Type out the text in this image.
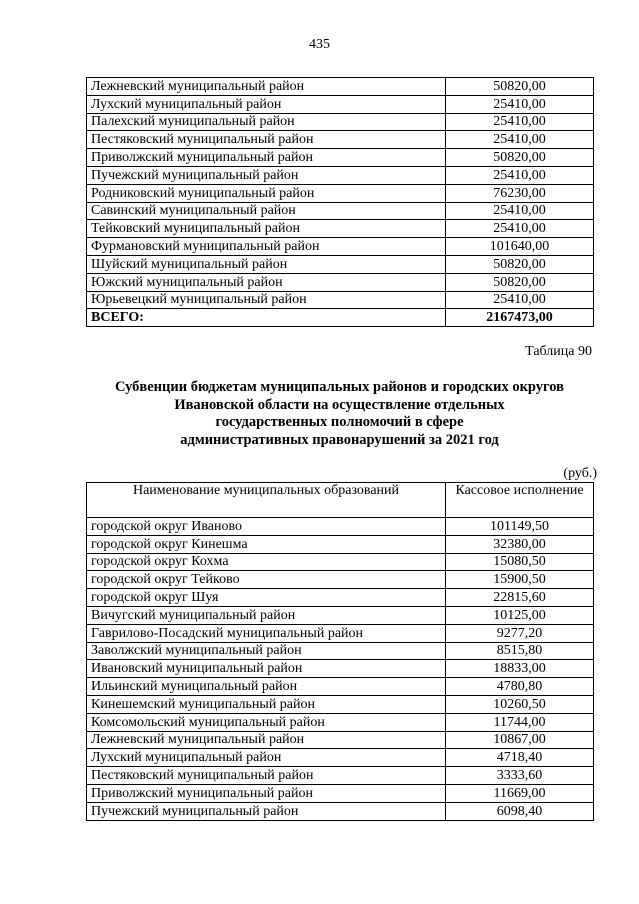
435
Лежневский муниципальный район	50820,00
Лухский муниципальный район	25410,00
Палехский муниципальный район	25410,00
Пестяковский муниципальный район	25410,00
Приволжский муниципальный район	50820,00
Пучежский муниципальный район	25410,00
Родниковский муниципальный район	76230,00
Савинский муниципальный район	25410,00
Тейковский муниципальный район	25410,00
Фурмановский муниципальный район	101640,00
Шуйский муниципальный район	50820,00
Южский муниципальный район	50820,00
Юрьевецкий муниципальный район	25410,00
ВСЕГО:	2167473,00
Таблица 90
Субвенции бюджетам муниципальных районов и городских округов
Ивановской области на осуществление отдельных
государственных полномочий в сфере
административных правонарушений за 2021 год
(руб.)
Наименование муниципальных образований	Кассовое исполнение
городской округ Иваново	101149,50
городской округ Кинешма	32380,00
городской округ Кохма	15080,50
городской округ Тейково	15900,50
городской округ Шуя	22815,60
Вичугский муниципальный район	10125,00
Гаврилово-Посадский муниципальный район	9277,20
Заволжский муниципальный район	8515,80
Ивановский муниципальный район	18833,00
Ильинский муниципальный район	4780,80
Кинешемский муниципальный район	10260,50
Комсомольский муниципальный район	11744,00
Лежневский муниципальный район	10867,00
Лухский муниципальный район	4718,40
Пестяковский муниципальный район	3333,60
Приволжский муниципальный район	11669,00
Пучежский муниципальный район	6098,40
